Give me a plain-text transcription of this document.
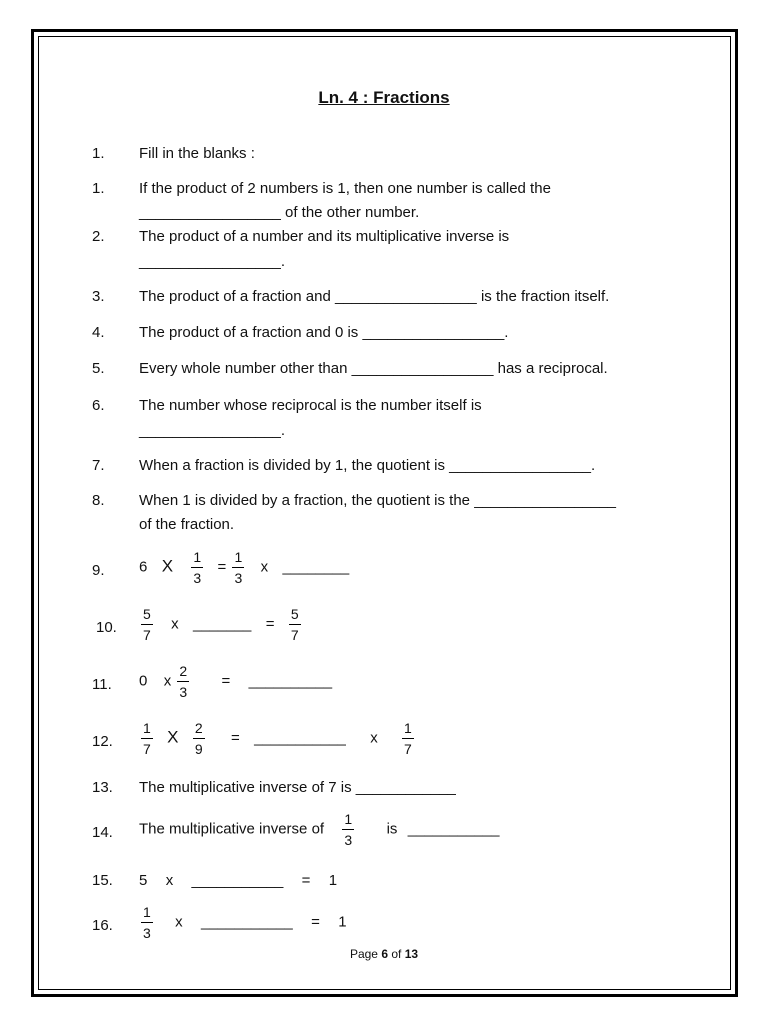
Ln. 4 : Fractions
1. Fill in the blanks :
1. If the product of 2 numbers is 1, then one number is called the
_________________ of the other number.
2. The product of a number and its multiplicative inverse is
_________________.
3. The product of a fraction and _________________ is the fraction itself.
4. The product of a fraction and 0 is _________________.
5. Every whole number other than _________________ has a reciprocal.
6. The number whose reciprocal is the number itself is
_________________.
7. When a fraction is divided by 1, the quotient is _________________.
8. When 1 is divided by a fraction, the quotient is the _________________
of the fraction.
9. 6 X $\frac{1}{3} = \frac{1}{3}$ x ________
10. $\frac{5}{7}$ x _______ = $\frac{5}{7}$
11. 0 x $\frac{2}{3}$ = __________
12. $\frac{1}{7}$ X $\frac{2}{9}$ = ___________ x $\frac{1}{7}$
13. The multiplicative inverse of 7 is ____________
14. The multiplicative inverse of $\frac{1}{3}$ is ___________
15. 5 x ___________ = 1
16. $\frac{1}{3}$ x ___________ = 1
Page 6 of 13
